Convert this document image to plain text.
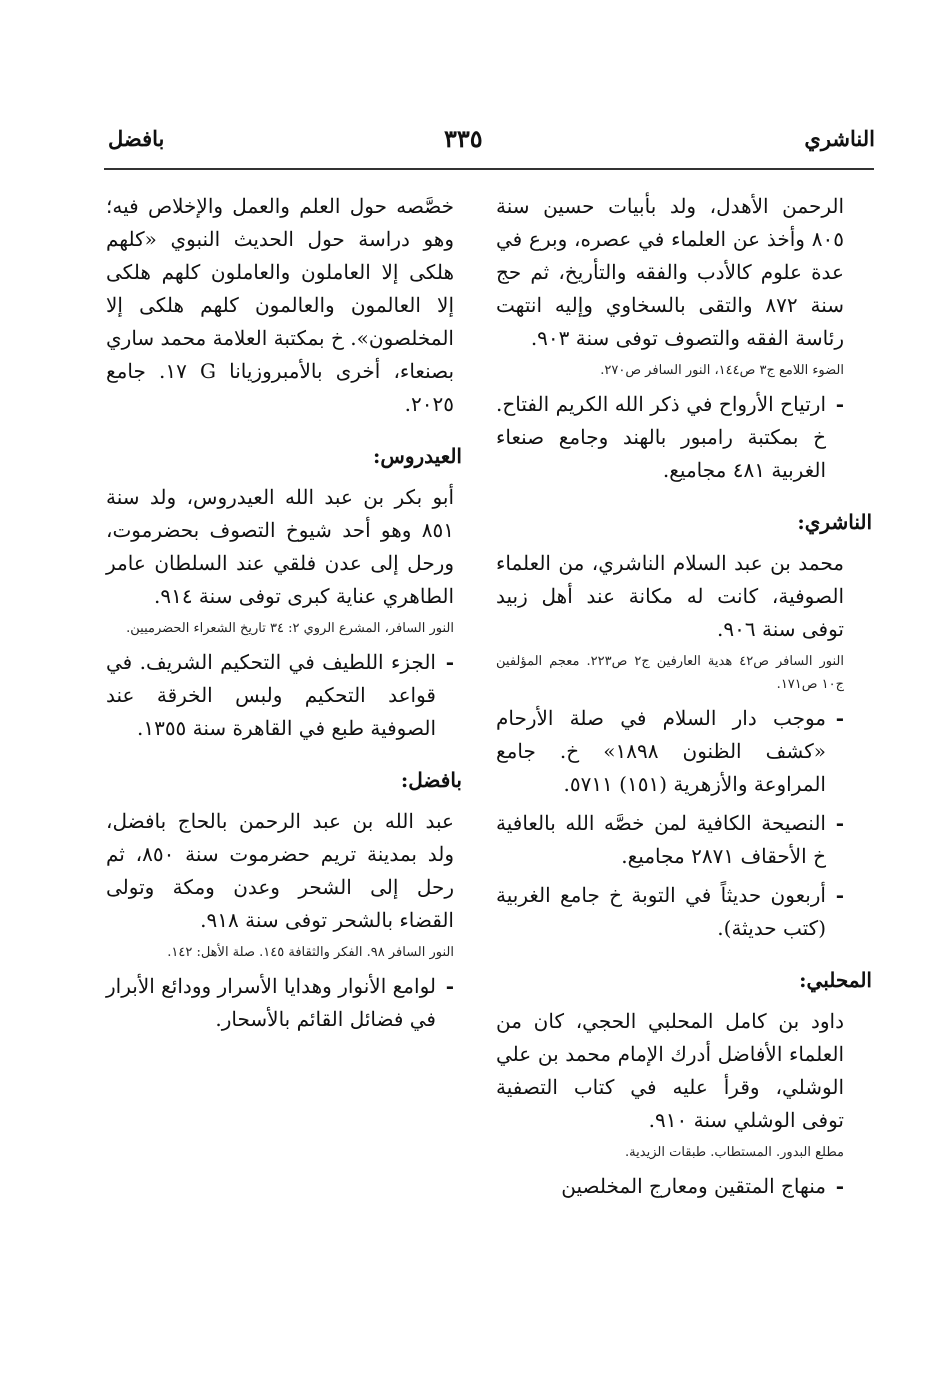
الناشري
٣٣٥
بافضل

الرحمن الأهدل، ولد بأبيات حسين سنة ٨٠٥ وأخذ عن العلماء في عصره، وبرع في عدة علوم كالأدب والفقه والتأريخ، ثم حج سنة ٨٧٢ والتقى بالسخاوي وإليه انتهت رئاسة الفقه والتصوف توفى سنة ٩٠٣.

الضوء اللامع ج٣ ص١٤٤، النور السافر ص٢٧٠.

-
ارتياح الأرواح في ذكر الله الكريم الفتاح. خ بمكتبة رامبور بالهند وجامع صنعاء الغربية ٤٨١ مجاميع.
الناشري:

محمد بن عبد السلام الناشري، من العلماء الصوفية، كانت له مكانة عند أهل زبيد توفى سنة ٩٠٦.

النور السافر ص٤٢ هدية العارفين ج٢ ص٢٢٣. معجم المؤلفين ج١٠ ص١٧١.

-
موجب دار السلام في صلة الأرحام «كشف الظنون ١٨٩٨» خ. جامع المراوعة والأزهرية (١٥١) ٥٧١١.
-
النصيحة الكافية لمن خصَّه الله بالعافية خ الأحقاف ٢٨٧١ مجاميع.
-
أربعون حديثاً في التوبة خ جامع الغربية (كتب حديثة).
المحلبي:

داود بن كامل المحلبي الحجي، كان من العلماء الأفاضل أدرك الإمام محمد بن علي الوشلي، وقرأ عليه في كتاب التصفية توفى الوشلي سنة ٩١٠.

مطلع البدور. المستطاب. طبقات الزيدية.

-
منهاج المتقين ومعارج المخلصين

خصَّصه حول العلم والعمل والإخلاص فيه؛ وهو دراسة حول الحديث النبوي «كلهم هلكى إلا العاملون والعاملون كلهم هلكى إلا العالمون والعالمون كلهم هلكى إلا المخلصون». خ بمكتبة العلامة محمد ساري بصنعاء، أخرى بالأمبروزيانا G ١٧. جامع ٢٠٢٥.

العيدروس:

أبو بكر بن عبد الله العيدروس، ولد سنة ٨٥١ وهو أحد شيوخ التصوف بحضرموت، ورحل إلى عدن فلقي عند السلطان عامر الطاهري عناية كبرى توفى سنة ٩١٤.

النور السافر، المشرع الروي ٢: ٣٤ تاريخ الشعراء الحضرميين.

-
الجزء اللطيف في التحكيم الشريف. في قواعد التحكيم ولبس الخرقة عند الصوفية طبع في القاهرة سنة ١٣٥٥.
بافضل:

عبد الله بن عبد الرحمن بالحاج بافضل، ولد بمدينة تريم حضرموت سنة ٨٥٠، ثم رحل إلى الشحر وعدن ومكة وتولى القضاء بالشحر توفى سنة ٩١٨.

النور السافر ٩٨. الفكر والثقافة ١٤٥. صلة الأهل: ١٤٢.

-
لوامع الأنوار وهدايا الأسرار وودائع الأبرار في فضائل القائم بالأسحار.
